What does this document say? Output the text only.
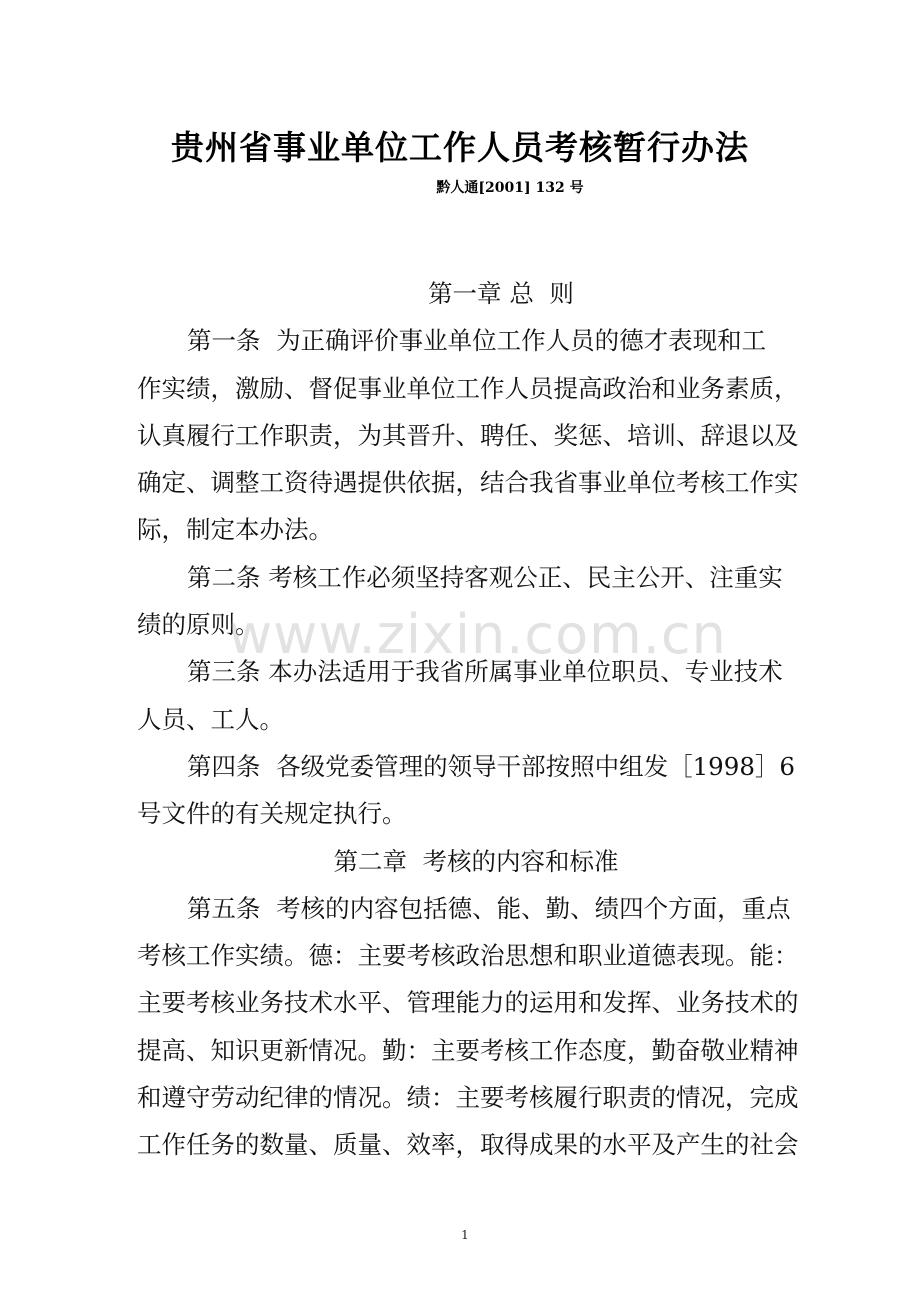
贵州省事业单位工作人员考核暂行办法
黔人通[2001] 132 号
第一章 总  则
第一条  为正确评价事业单位工作人员的德才表现和工
作实绩，激励、督促事业单位工作人员提高政治和业务素质，
认真履行工作职责，为其晋升、聘任、奖惩、培训、辞退以及
确定、调整工资待遇提供依据，结合我省事业单位考核工作实
际，制定本办法。
第二条 考核工作必须坚持客观公正、民主公开、注重实
绩的原则。
第三条 本办法适用于我省所属事业单位职员、专业技术
人员、工人。
第四条  各级党委管理的领导干部按照中组发［1998］6
号文件的有关规定执行。
第二章  考核的内容和标准
第五条  考核的内容包括德、能、勤、绩四个方面，重点
考核工作实绩。德：主要考核政治思想和职业道德表现。能：
主要考核业务技术水平、管理能力的运用和发挥、业务技术的
提高、知识更新情况。勤：主要考核工作态度，勤奋敬业精神
和遵守劳动纪律的情况。绩：主要考核履行职责的情况，完成
工作任务的数量、质量、效率，取得成果的水平及产生的社会
www.zixin.com.cn
1
